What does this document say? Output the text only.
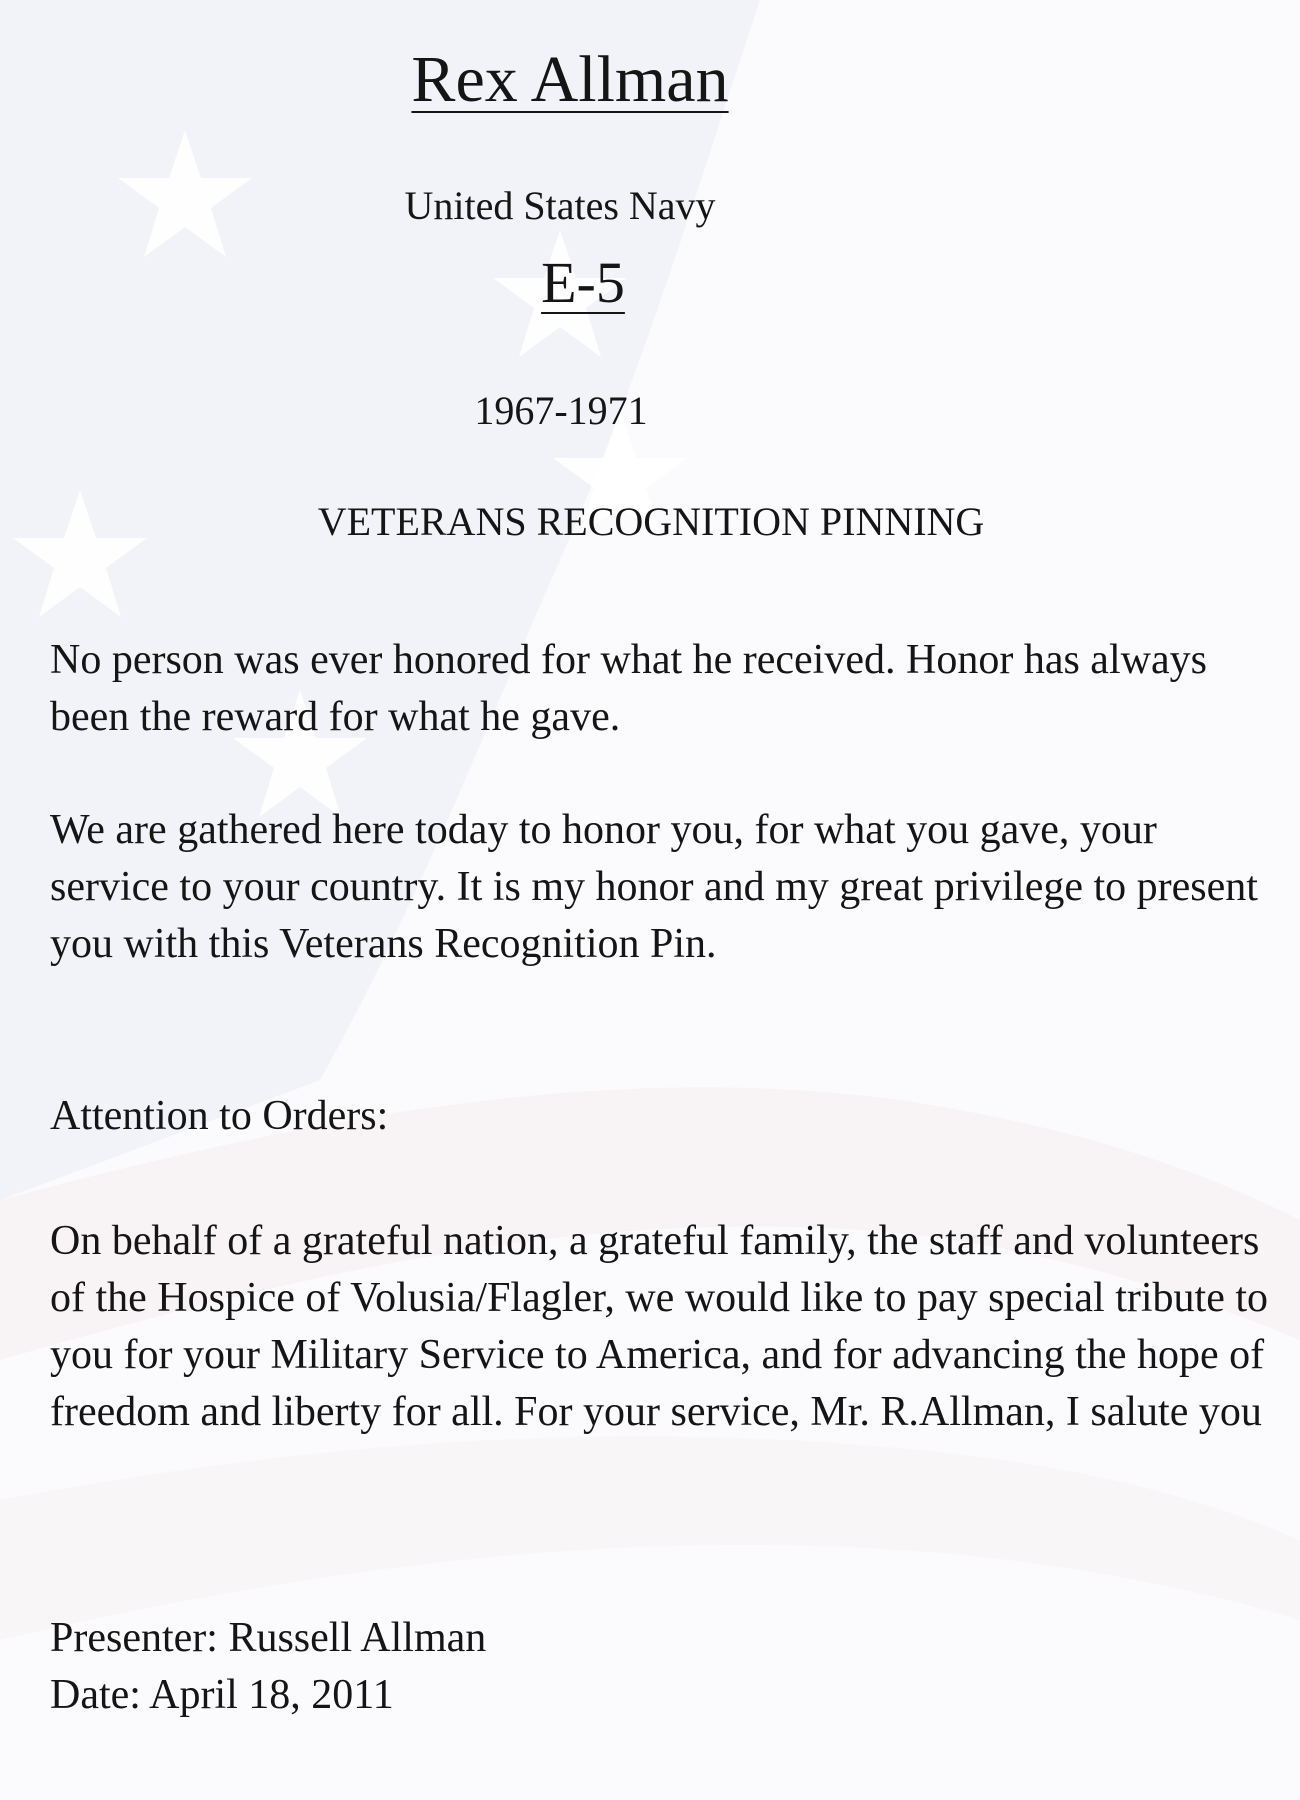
Rex Allman
United States Navy
E-5
1967-1971
VETERANS RECOGNITION PINNING

No person was ever honored for what he received. Honor has always been the reward for what he gave.

We are gathered here today to honor you, for what you gave, your service to your country. It is my honor and my great privilege to present you with this Veterans Recognition Pin.

Attention to Orders:

On behalf of a grateful nation, a grateful family, the staff and volunteers of the Hospice of Volusia/Flagler, we would like to pay special tribute to you for your Military Service to America, and for advancing the hope of freedom and liberty for all. For your service, Mr. R.Allman, I salute you

Presenter: Russell Allman
Date: April 18, 2011
